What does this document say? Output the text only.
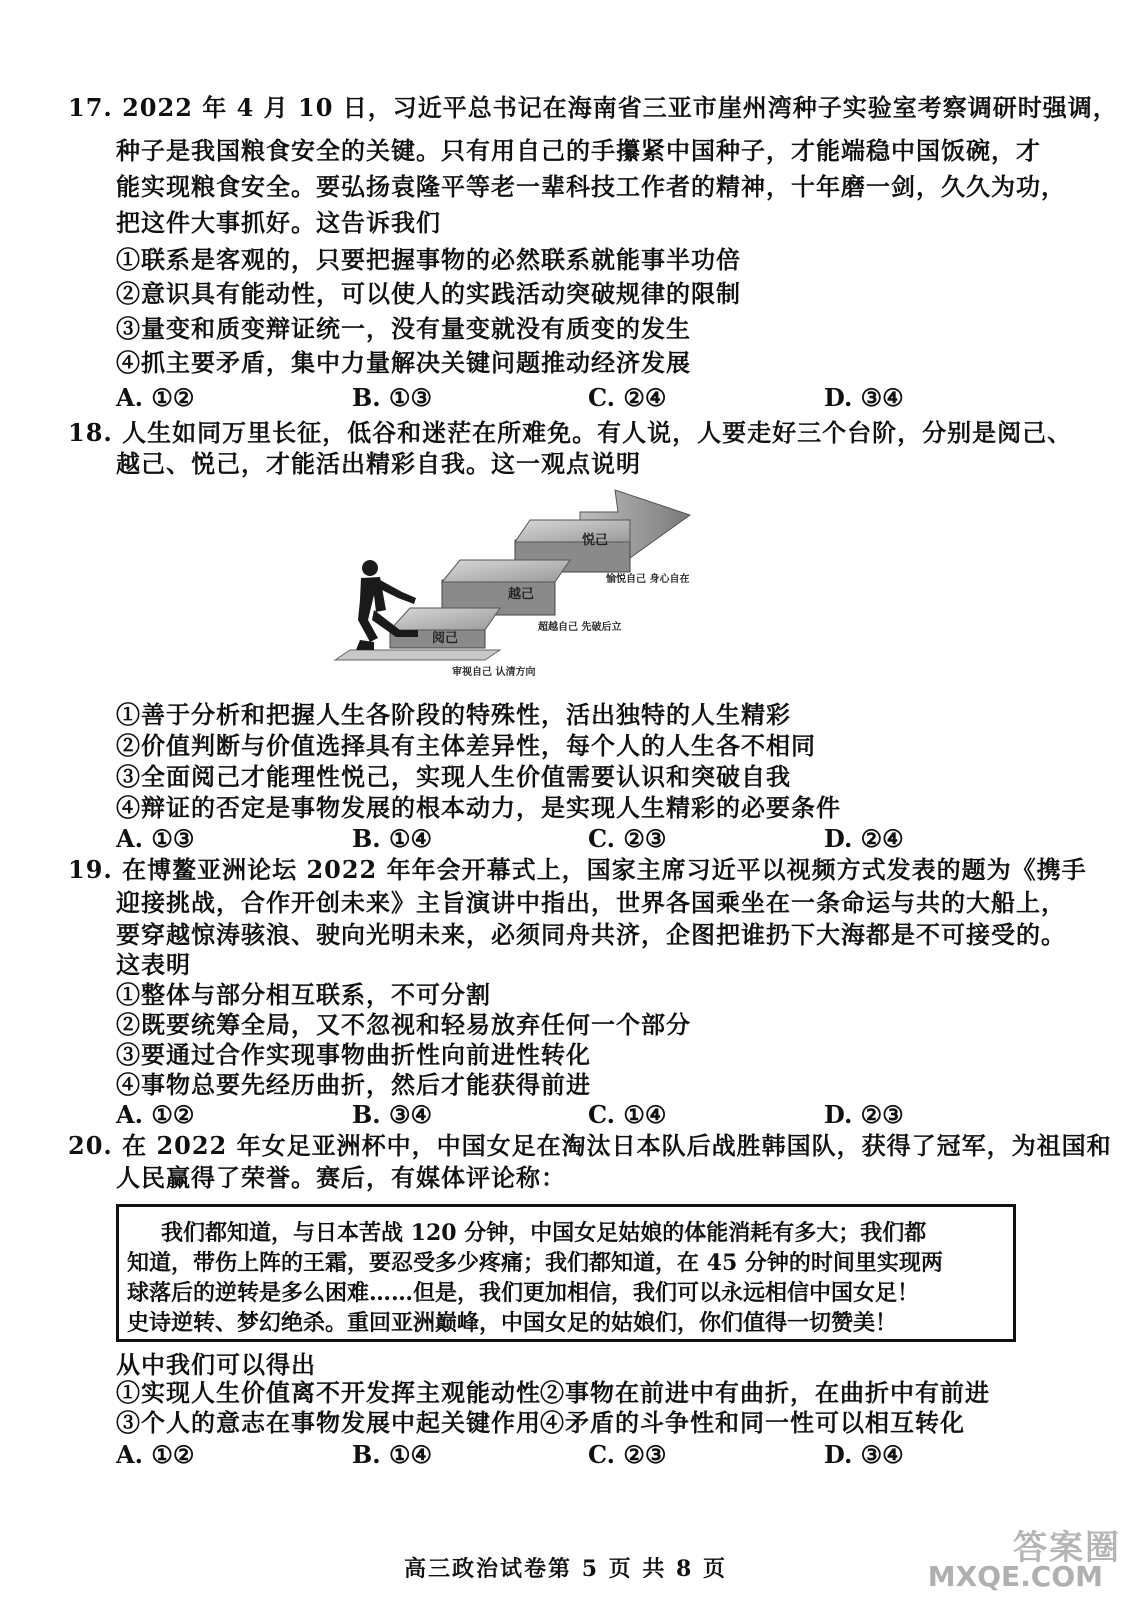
17. 2022 年 4 月 10 日，习近平总书记在海南省三亚市崖州湾种子实验室考察调研时强调，
种子是我国粮食安全的关键。只有用自己的手攥紧中国种子，才能端稳中国饭碗，才
能实现粮食安全。要弘扬袁隆平等老一辈科技工作者的精神，十年磨一剑，久久为功，
把这件大事抓好。这告诉我们
①联系是客观的，只要把握事物的必然联系就能事半功倍
②意识具有能动性，可以使人的实践活动突破规律的限制
③量变和质变辩证统一，没有量变就没有质变的发生
④抓主要矛盾，集中力量解决关键问题推动经济发展
A. ①②	B. ①③	C. ②④	D. ③④
18. 人生如同万里长征，低谷和迷茫在所难免。有人说，人要走好三个台阶，分别是阅己、
越己、悦己，才能活出精彩自我。这一观点说明
悦己
越己
阅己
愉悦自己 身心自在
超越自己 先破后立
审视自己 认清方向
①善于分析和把握人生各阶段的特殊性，活出独特的人生精彩
②价值判断与价值选择具有主体差异性，每个人的人生各不相同
③全面阅己才能理性悦己，实现人生价值需要认识和突破自我
④辩证的否定是事物发展的根本动力，是实现人生精彩的必要条件
A. ①③	B. ①④	C. ②③	D. ②④
19. 在博鳌亚洲论坛 2022 年年会开幕式上，国家主席习近平以视频方式发表的题为《携手
迎接挑战，合作开创未来》主旨演讲中指出，世界各国乘坐在一条命运与共的大船上，
要穿越惊涛骇浪、驶向光明未来，必须同舟共济，企图把谁扔下大海都是不可接受的。
这表明
①整体与部分相互联系，不可分割
②既要统筹全局，又不忽视和轻易放弃任何一个部分
③要通过合作实现事物曲折性向前进性转化
④事物总要先经历曲折，然后才能获得前进
A. ①②	B. ③④	C. ①④	D. ②③
20. 在 2022 年女足亚洲杯中，中国女足在淘汰日本队后战胜韩国队，获得了冠军，为祖国和
人民赢得了荣誉。赛后，有媒体评论称：
我们都知道，与日本苦战 120 分钟，中国女足姑娘的体能消耗有多大；我们都
知道，带伤上阵的王霜，要忍受多少疼痛；我们都知道，在 45 分钟的时间里实现两
球落后的逆转是多么困难……但是，我们更加相信，我们可以永远相信中国女足！
史诗逆转、梦幻绝杀。重回亚洲巅峰，中国女足的姑娘们，你们值得一切赞美！
从中我们可以得出
①实现人生价值离不开发挥主观能动性 ②事物在前进中有曲折，在曲折中有前进
③个人的意志在事物发展中起关键作用 ④矛盾的斗争性和同一性可以相互转化
A. ①②	B. ①④	C. ②③	D. ③④
高三政治试卷第 5 页 共 8 页
答案圈
MXQE.COM
